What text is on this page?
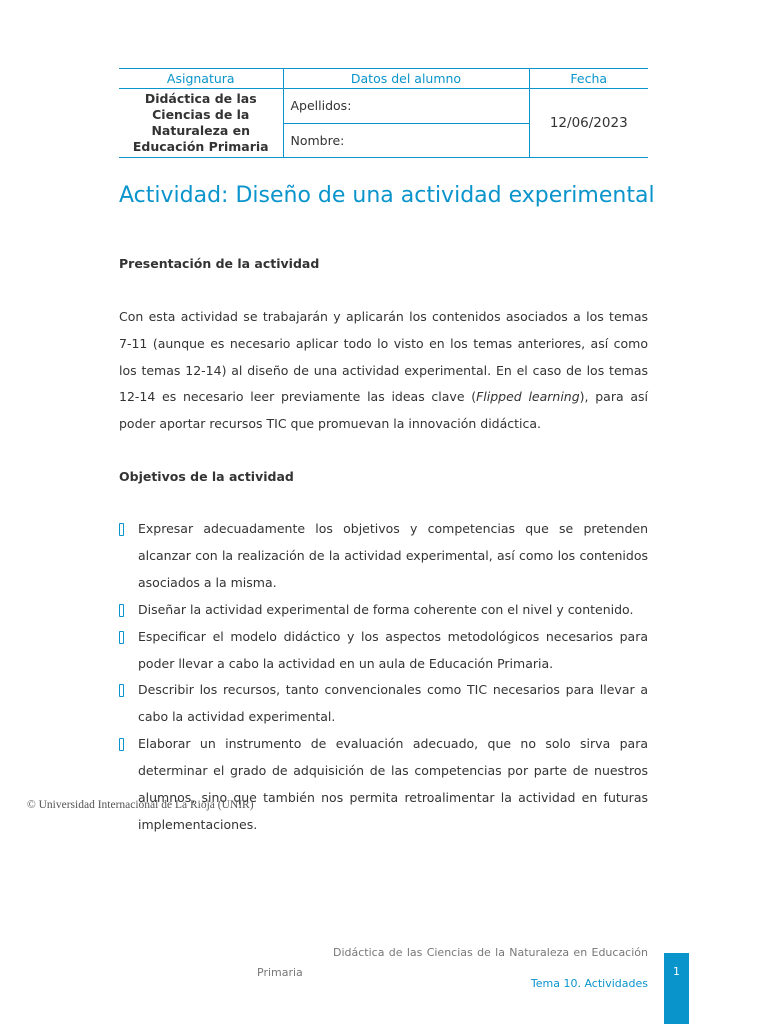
Asignatura	Datos del alumno	Fecha
Didáctica de las Ciencias de la Naturaleza en Educación Primaria	Apellidos:	12/06/2023
	Nombre:	
Actividad: Diseño de una actividad experimental
Presentación de la actividad

Con esta actividad se trabajarán y aplicarán los contenidos asociados a los temas 7-11 (aunque es necesario aplicar todo lo visto en los temas anteriores, así como los temas 12-14) al diseño de una actividad experimental. En el caso de los temas 12-14 es necesario leer previamente las ideas clave (Flipped learning), para así poder aportar recursos TIC que promuevan la innovación didáctica.

Objetivos de la actividad
Expresar adecuadamente los objetivos y competencias que se pretenden alcanzar con la realización de la actividad experimental, así como los contenidos asociados a la misma.
Diseñar la actividad experimental de forma coherente con el nivel y contenido.
Especificar el modelo didáctico y los aspectos metodológicos necesarios para poder llevar a cabo la actividad en un aula de Educación Primaria.
Describir los recursos, tanto convencionales como TIC necesarios para llevar a cabo la actividad experimental.
Elaborar un instrumento de evaluación adecuado, que no solo sirva para determinar el grado de adquisición de las competencias por parte de nuestros alumnos, sino que también nos permita retroalimentar la actividad en futuras implementaciones.
© Universidad Internacional de La Rioja (UNIR)
Didáctica de las Ciencias de la Naturaleza en Educación
Primaria
Tema 10. Actividades
1
